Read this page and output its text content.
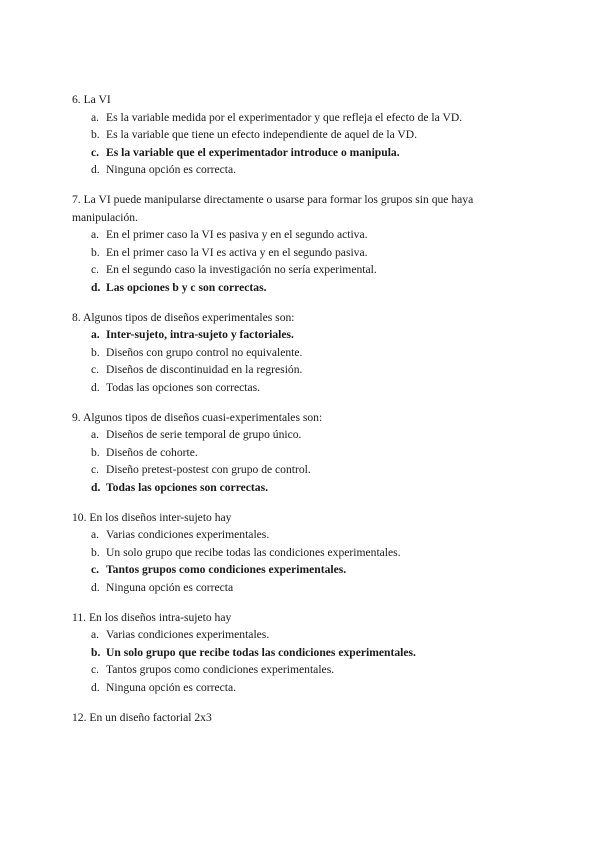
6. La VI

a. Es la variable medida por el experimentador y que refleja el efecto de la VD.
b. Es la variable que tiene un efecto independiente de aquel de la VD.
c. Es la variable que el experimentador introduce o manipula.
d. Ninguna opción es correcta.

7. La VI puede manipularse directamente o usarse para formar los grupos sin que haya manipulación.

a. En el primer caso la VI es pasiva y en el segundo activa.
b. En el primer caso la VI es activa y en el segundo pasiva.
c. En el segundo caso la investigación no sería experimental.
d. Las opciones b y c son correctas.

8. Algunos tipos de diseños experimentales son:

a. Inter-sujeto, intra-sujeto y factoriales.
b. Diseños con grupo control no equivalente.
c. Diseños de discontinuidad en la regresión.
d. Todas las opciones son correctas.

9. Algunos tipos de diseños cuasi-experimentales son:

a. Diseños de serie temporal de grupo único.
b. Diseños de cohorte.
c. Diseño pretest-postest con grupo de control.
d. Todas las opciones son correctas.

10. En los diseños inter-sujeto hay

a. Varias condiciones experimentales.
b. Un solo grupo que recibe todas las condiciones experimentales.
c. Tantos grupos como condiciones experimentales.
d. Ninguna opción es correcta

11. En los diseños intra-sujeto hay

a. Varias condiciones experimentales.
b. Un solo grupo que recibe todas las condiciones experimentales.
c. Tantos grupos como condiciones experimentales.
d. Ninguna opción es correcta.

12. En un diseño factorial 2x3
